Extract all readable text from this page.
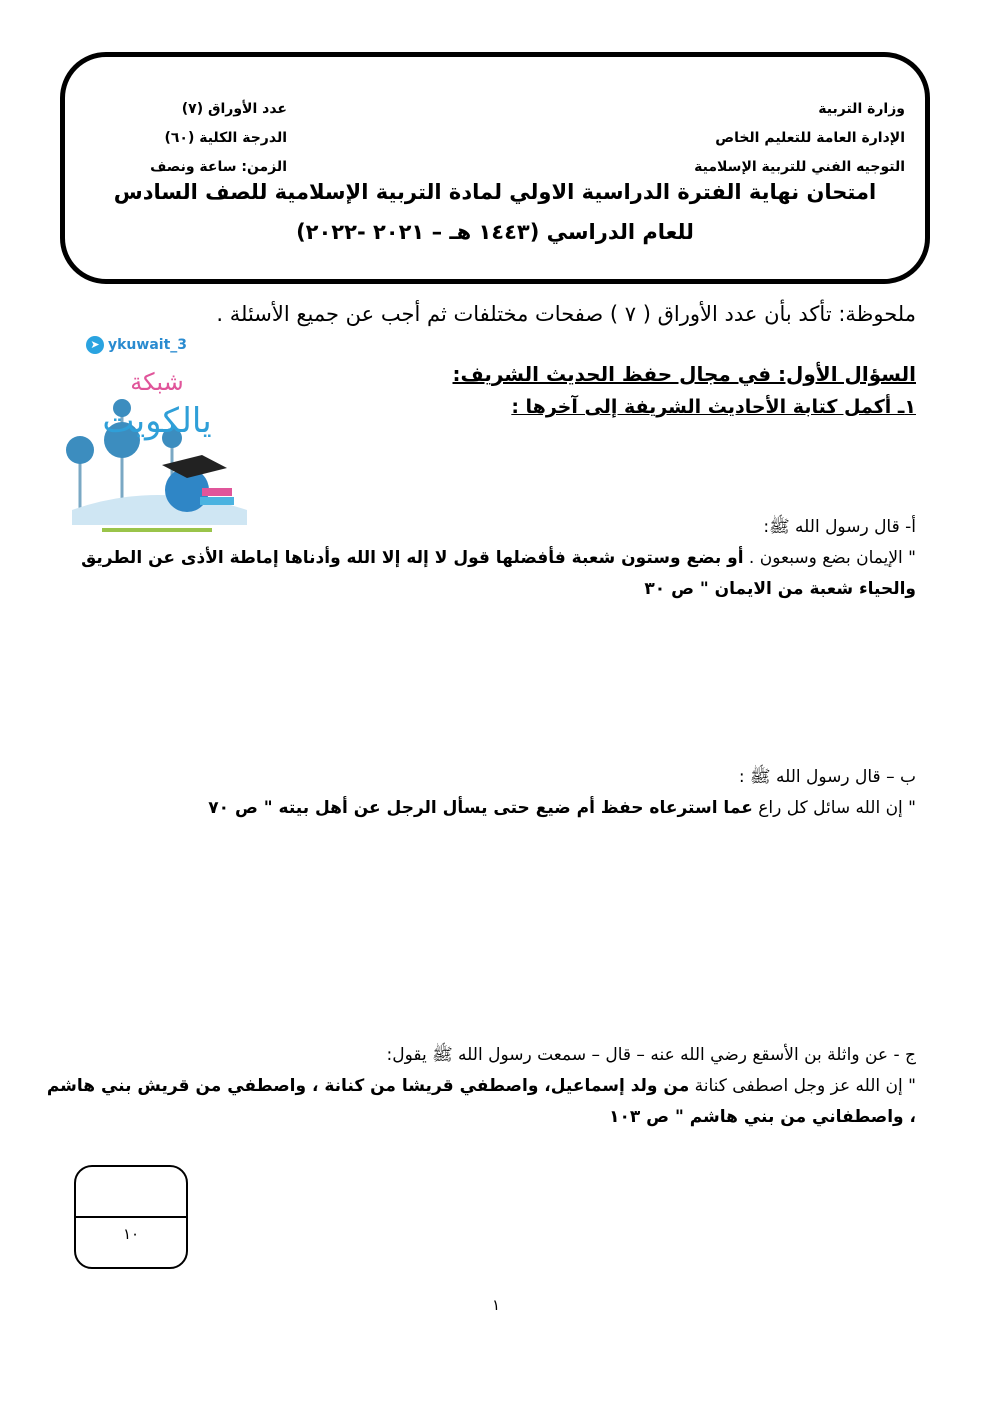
وزارة التربية
الإدارة العامة للتعليم الخاص
التوجيه الفني للتربية الإسلامية
عدد الأوراق (٧)
الدرجة الكلية (٦٠)
الزمن: ساعة ونصف
امتحان نهاية الفترة الدراسية الاولي لمادة التربية الإسلامية للصف السادس
للعام الدراسي (١٤٤٣ هـ – ٢٠٢١ -٢٠٢٢)
ملحوظة: تأكد بأن عدد الأوراق ( ٧ ) صفحات مختلفات ثم أجب عن جميع الأسئلة .
➤ ykuwait_3
شبكة
يالكويت
السؤال الأول: في مجال حفظ الحديث الشريف:
١ـ أكمل كتابة الأحاديث الشريفة إلى آخرها :
أ- قال رسول الله ﷺ:
" الإيمان بضع وسبعون . أو بضع وستون شعبة فأفضلها قول لا إله إلا الله وأدناها إماطة الأذى عن الطريق والحياء شعبة من الايمان " ص ٣٠
ب – قال رسول الله ﷺ :
" إن الله سائل كل راع عما استرعاه حفظ أم ضيع حتى يسأل الرجل عن أهل بيته " ص ٧٠
ج - عن واثلة بن الأسقع رضي الله عنه – قال – سمعت رسول الله ﷺ يقول:
" إن الله عز وجل اصطفى كنانة من ولد إسماعيل، واصطفي قريشا من كنانة ، واصطفي من قريش بني هاشم ، واصطفاني من بني هاشم " ص ١٠٣
١٠
١
